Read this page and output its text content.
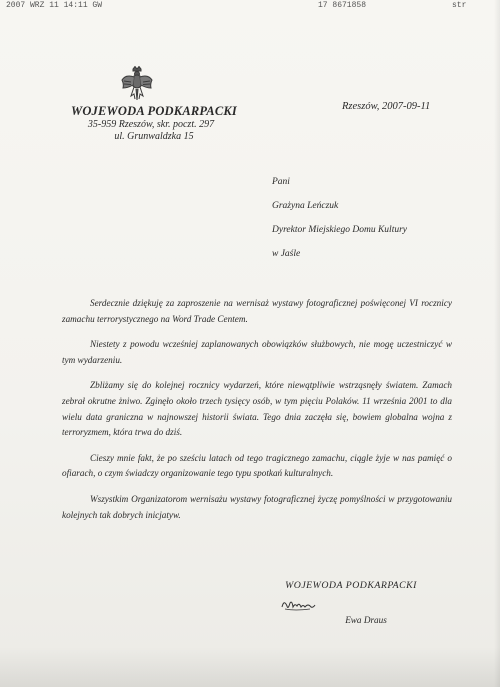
2007 WRZ 11 14:11 GW	17 8671858	str
WOJEWODA PODKARPACKI
35-959 Rzeszów, skr. poczt. 297
ul. Grunwaldzka 15
Rzeszów, 2007-09-11
Pani
Grażyna Leńczuk
Dyrektor Miejskiego Domu Kultury
w Jaśle

Serdecznie dziękuję za zaproszenie na wernisaż wystawy fotograficznej poświęconej VI rocznicy zamachu terrorystycznego na Word Trade Centem.

Niestety z powodu wcześniej zaplanowanych obowiązków służbowych, nie mogę uczestniczyć w tym wydarzeniu.

Zbliżamy się do kolejnej rocznicy wydarzeń, które niewątpliwie wstrząsnęły światem. Zamach zebrał okrutne żniwo. Zginęło około trzech tysięcy osób, w tym pięciu Polaków. 11 września 2001 to dla wielu data graniczna w najnowszej historii świata. Tego dnia zaczęła się, bowiem globalna wojna z terroryzmem, która trwa do dziś.

Cieszy mnie fakt, że po sześciu latach od tego tragicznego zamachu, ciągle żyje w nas pamięć o ofiarach, o czym świadczy organizowanie tego typu spotkań kulturalnych.

Wszystkim Organizatorom wernisażu wystawy fotograficznej życzę pomyślności w przygotowaniu kolejnych tak dobrych inicjatyw.

WOJEWODA PODKARPACKI
Ewa Draus
